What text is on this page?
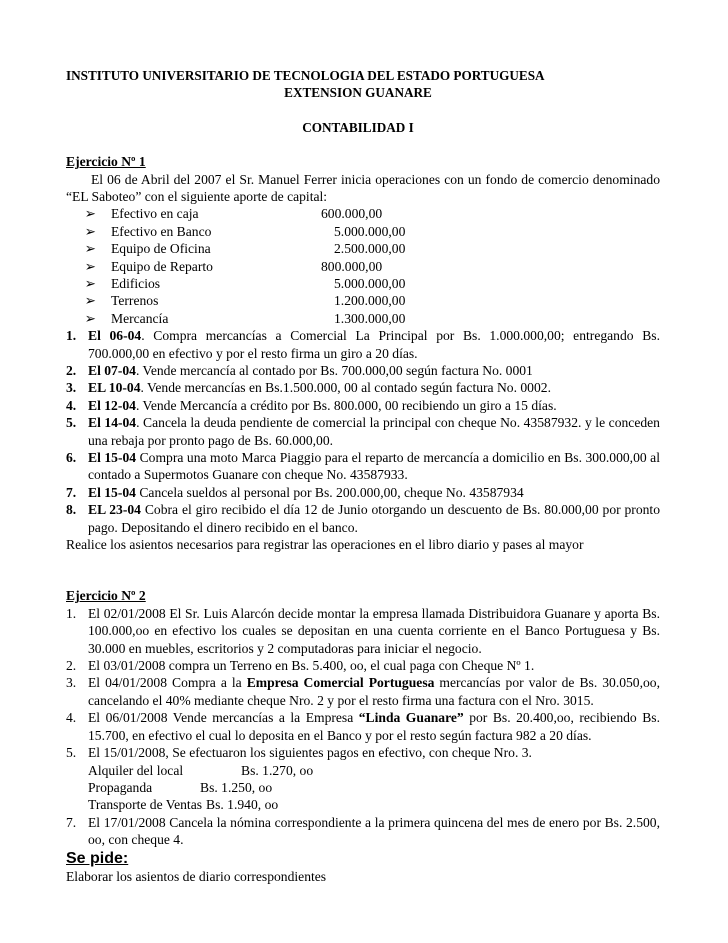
INSTITUTO UNIVERSITARIO DE TECNOLOGIA DEL ESTADO PORTUGUESA
EXTENSION GUANARE
CONTABILIDAD I
Ejercicio Nº 1
El 06 de Abril del 2007 el Sr. Manuel Ferrer inicia operaciones con un fondo de comercio denominado “EL Saboteo” con el siguiente aporte de capital:
➢	Efectivo en caja	600.000,00
➢	Efectivo en Banco	5.000.000,00
➢	Equipo de Oficina	2.500.000,00
➢	Equipo de Reparto	800.000,00
➢	Edificios	5.000.000,00
➢	Terrenos	1.200.000,00
➢	Mercancía	1.300.000,00
1. El 06-04. Compra mercancías a Comercial La Principal por Bs. 1.000.000,00; entregando Bs. 700.000,00 en efectivo y por el resto firma un giro a 20 días.
2. El 07-04. Vende mercancía al contado por Bs. 700.000,00 según factura No. 0001
3. EL 10-04. Vende mercancías en Bs.1.500.000, 00 al contado según factura No. 0002.
4. El 12-04. Vende Mercancía a crédito por Bs. 800.000, 00 recibiendo un giro a 15 días.
5. El 14-04. Cancela la deuda pendiente de comercial la principal con cheque No. 43587932. y le conceden una rebaja por pronto pago de Bs. 60.000,00.
6. El 15-04 Compra una moto Marca Piaggio para el reparto de mercancía a domicilio en Bs. 300.000,00 al contado a Supermotos Guanare con cheque No. 43587933.
7. El 15-04 Cancela sueldos al personal por Bs. 200.000,00, cheque No. 43587934
8. EL 23-04 Cobra el giro recibido el día 12 de Junio otorgando un descuento de Bs. 80.000,00 por pronto pago. Depositando el dinero recibido en el banco.
Realice los asientos necesarios para registrar las operaciones en el libro diario y pases al mayor
Ejercicio Nº 2
1. El 02/01/2008 El Sr. Luis Alarcón decide montar la empresa llamada Distribuidora Guanare y aporta Bs. 100.000,oo en efectivo los cuales se depositan en una cuenta corriente en el Banco Portuguesa y Bs. 30.000 en muebles, escritorios y 2 computadoras para iniciar el negocio.
2. El 03/01/2008 compra un Terreno en Bs. 5.400, oo, el cual paga con Cheque Nº 1.
3. El 04/01/2008 Compra a la Empresa Comercial Portuguesa mercancías por valor de Bs. 30.050,oo, cancelando el 40% mediante cheque Nro. 2 y por el resto firma una factura con el Nro. 3015.
4. El 06/01/2008 Vende mercancías a la Empresa “Linda Guanare” por Bs. 20.400,oo, recibiendo Bs. 15.700, en efectivo el cual lo deposita en el Banco y por el resto según factura 982 a 20 días.
5. El 15/01/2008, Se efectuaron los siguientes pagos en efectivo, con cheque Nro. 3.
Alquiler del local	Bs. 1.270, oo
Propaganda	Bs. 1.250, oo
Transporte de Ventas Bs. 1.940, oo
7. El 17/01/2008 Cancela la nómina correspondiente a la primera quincena del mes de enero por Bs. 2.500, oo, con cheque 4.
Se pide:
Elaborar los asientos de diario correspondientes
